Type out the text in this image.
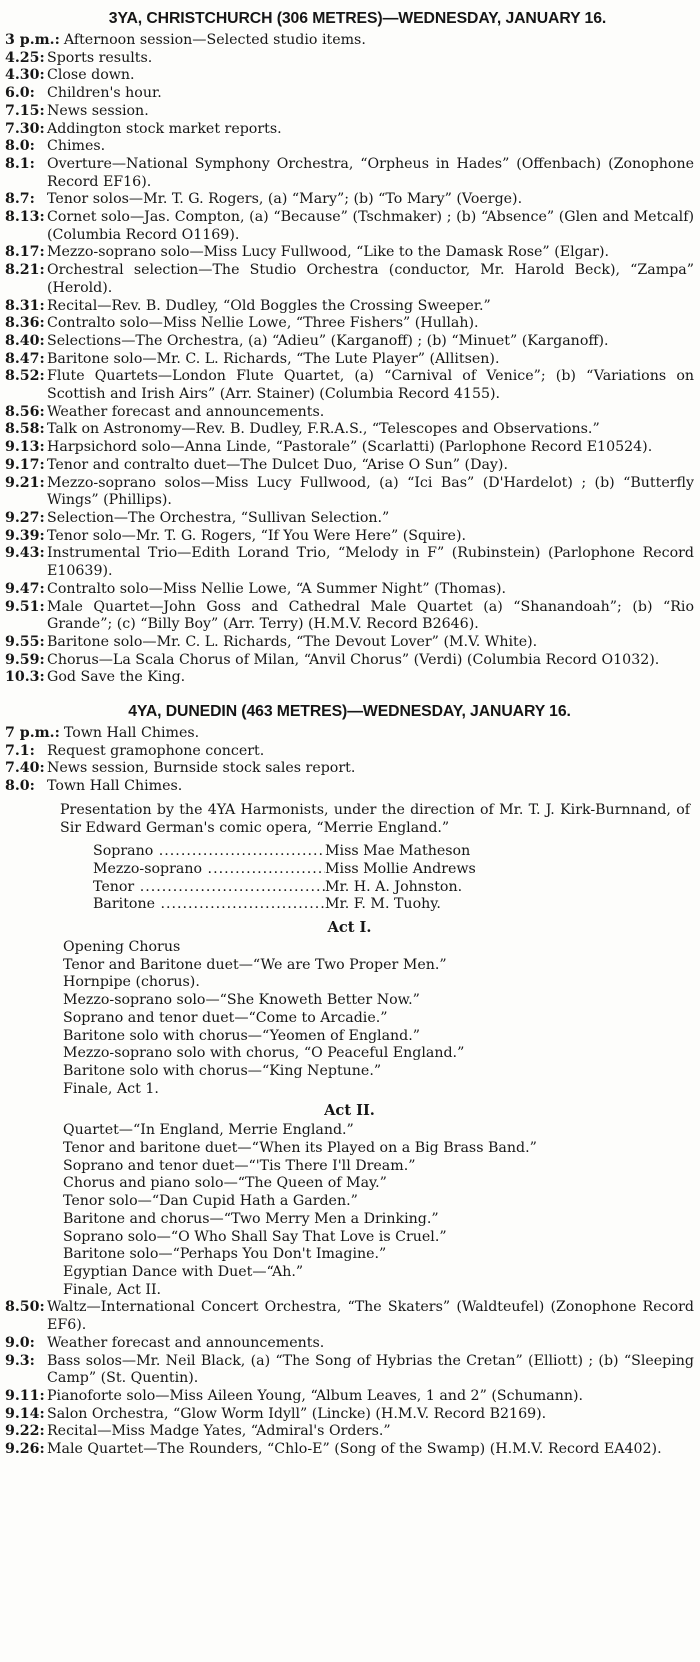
3YA, CHRISTCHURCH (306 METRES)—WEDNESDAY, JANUARY 16.
3 p.m.: Afternoon session—Selected studio items.
4.25: Sports results.
4.30: Close down.
6.0: Children's hour.
7.15: News session.
7.30: Addington stock market reports.
8.0: Chimes.
8.1: Overture—National Symphony Orchestra, “Orpheus in Hades” (Offenbach) (Zonophone Record EF16).
8.7: Tenor solos—Mr. T. G. Rogers, (a) “Mary”; (b) “To Mary” (Voerge).
8.13: Cornet solo—Jas. Compton, (a) “Because” (Tschmaker) ; (b) “Absence” (Glen and Metcalf) (Columbia Record O1169).
8.17: Mezzo-soprano solo—Miss Lucy Fullwood, “Like to the Damask Rose” (Elgar).
8.21: Orchestral selection—The Studio Orchestra (conductor, Mr. Harold Beck), “Zampa” (Herold).
8.31: Recital—Rev. B. Dudley, “Old Boggles the Crossing Sweeper.”
8.36: Contralto solo—Miss Nellie Lowe, “Three Fishers” (Hullah).
8.40: Selections—The Orchestra, (a) “Adieu” (Karganoff) ; (b) “Minuet” (Karganoff).
8.47: Baritone solo—Mr. C. L. Richards, “The Lute Player” (Allitsen).
8.52: Flute Quartets—London Flute Quartet, (a) “Carnival of Venice”; (b) “Variations on Scottish and Irish Airs” (Arr. Stainer) (Columbia Record 4155).
8.56: Weather forecast and announcements.
8.58: Talk on Astronomy—Rev. B. Dudley, F.R.A.S., “Telescopes and Observations.”
9.13: Harpsichord solo—Anna Linde, “Pastorale” (Scarlatti) (Parlophone Record E10524).
9.17: Tenor and contralto duet—The Dulcet Duo, “Arise O Sun” (Day).
9.21: Mezzo-soprano solos—Miss Lucy Fullwood, (a) “Ici Bas” (D'Hardelot) ; (b) “Butterfly Wings” (Phillips).
9.27: Selection—The Orchestra, “Sullivan Selection.”
9.39: Tenor solo—Mr. T. G. Rogers, “If You Were Here” (Squire).
9.43: Instrumental Trio—Edith Lorand Trio, “Melody in F” (Rubinstein) (Parlophone Record E10639).
9.47: Contralto solo—Miss Nellie Lowe, “A Summer Night” (Thomas).
9.51: Male Quartet—John Goss and Cathedral Male Quartet (a) “Shanandoah”; (b) “Rio Grande”; (c) “Billy Boy” (Arr. Terry) (H.M.V. Record B2646).
9.55: Baritone solo—Mr. C. L. Richards, “The Devout Lover” (M.V. White).
9.59: Chorus—La Scala Chorus of Milan, “Anvil Chorus” (Verdi) (Columbia Record O1032).
10.3: God Save the King.
4YA, DUNEDIN (463 METRES)—WEDNESDAY, JANUARY 16.
7 p.m.: Town Hall Chimes.
7.1: Request gramophone concert.
7.40: News session, Burnside stock sales report.
8.0: Town Hall Chimes.
Presentation by the 4YA Harmonists, under the direction of Mr. T. J. Kirk-Burnnand, of Sir Edward German's comic opera, “Merrie England.”
Soprano .....	Miss Mae Matheson
Mezzo-soprano .....	Miss Mollie Andrews
Tenor .....	Mr. H. A. Johnston.
Baritone .....	Mr. F. M. Tuohy.
Act I.
Opening Chorus
Tenor and Baritone duet—“We are Two Proper Men.”
Hornpipe (chorus).
Mezzo-soprano solo—“She Knoweth Better Now.”
Soprano and tenor duet—“Come to Arcadie.”
Baritone solo with chorus—“Yeomen of England.”
Mezzo-soprano solo with chorus, “O Peaceful England.”
Baritone solo with chorus—“King Neptune.”
Finale, Act 1.
Act II.
Quartet—“In England, Merrie England.”
Tenor and baritone duet—“When its Played on a Big Brass Band.”
Soprano and tenor duet—“'Tis There I'll Dream.”
Chorus and piano solo—“The Queen of May.”
Tenor solo—“Dan Cupid Hath a Garden.”
Baritone and chorus—“Two Merry Men a Drinking.”
Soprano solo—“O Who Shall Say That Love is Cruel.”
Baritone solo—“Perhaps You Don't Imagine.”
Egyptian Dance with Duet—“Ah.”
Finale, Act II.
8.50: Waltz—International Concert Orchestra, “The Skaters” (Waldteufel) (Zonophone Record EF6).
9.0: Weather forecast and announcements.
9.3: Bass solos—Mr. Neil Black, (a) “The Song of Hybrias the Cretan” (Elliott) ; (b) “Sleeping Camp” (St. Quentin).
9.11: Pianoforte solo—Miss Aileen Young, “Album Leaves, 1 and 2” (Schumann).
9.14: Salon Orchestra, “Glow Worm Idyll” (Lincke) (H.M.V. Record B2169).
9.22: Recital—Miss Madge Yates, “Admiral's Orders.”
9.26: Male Quartet—The Rounders, “Chlo-E” (Song of the Swamp) (H.M.V. Record EA402).
